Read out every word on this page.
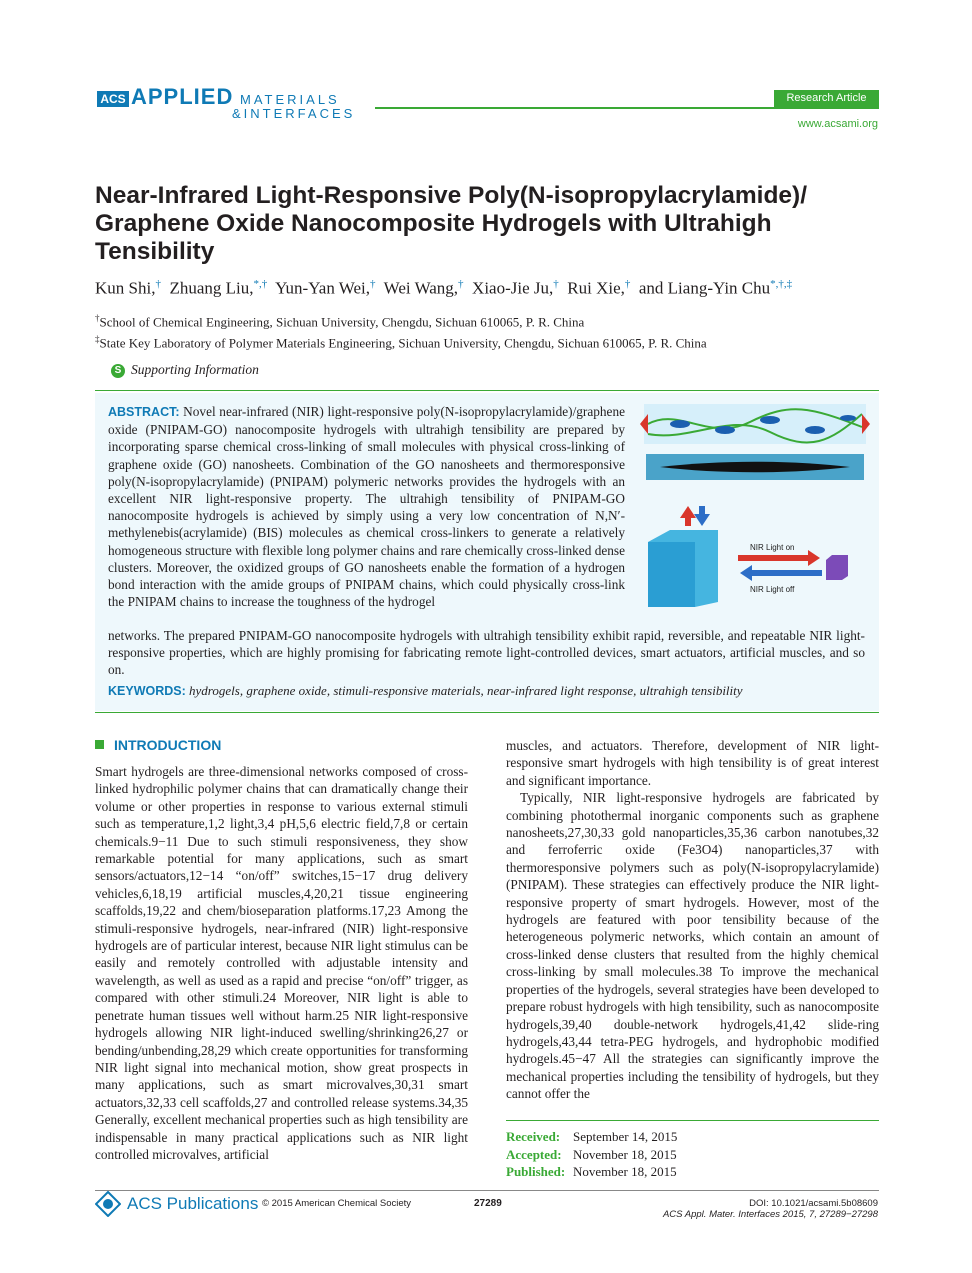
ACS APPLIED MATERIALS
&INTERFACES
Research Article
www.acsami.org
Near-Infrared Light-Responsive Poly(N-isopropylacrylamide)/ Graphene Oxide Nanocomposite Hydrogels with Ultrahigh Tensibility
Kun Shi,† Zhuang Liu,*,† Yun-Yan Wei,† Wei Wang,† Xiao-Jie Ju,† Rui Xie,† and Liang-Yin Chu*,†,‡
†School of Chemical Engineering, Sichuan University, Chengdu, Sichuan 610065, P. R. China
‡State Key Laboratory of Polymer Materials Engineering, Sichuan University, Chengdu, Sichuan 610065, P. R. China
S Supporting Information
ABSTRACT: Novel near-infrared (NIR) light-responsive poly(N-isopropylacrylamide)/graphene oxide (PNIPAM-GO) nanocomposite hydrogels with ultrahigh tensibility are prepared by incorporating sparse chemical cross-linking of small molecules with physical cross-linking of graphene oxide (GO) nanosheets. Combination of the GO nanosheets and thermoresponsive poly(N-isopropylacrylamide) (PNIPAM) polymeric networks provides the hydrogels with an excellent NIR light-responsive property. The ultrahigh tensibility of PNIPAM-GO nanocomposite hydrogels is achieved by simply using a very low concentration of N,N′-methylenebis(acrylamide) (BIS) molecules as chemical cross-linkers to generate a relatively homogeneous structure with flexible long polymer chains and rare chemically cross-linked dense clusters. Moreover, the oxidized groups of GO nanosheets enable the formation of a hydrogen bond interaction with the amide groups of PNIPAM chains, which could physically cross-link the PNIPAM chains to increase the toughness of the hydrogel
networks. The prepared PNIPAM-GO nanocomposite hydrogels with ultrahigh tensibility exhibit rapid, reversible, and repeatable NIR light-responsive properties, which are highly promising for fabricating remote light-controlled devices, smart actuators, artificial muscles, and so on.
KEYWORDS: hydrogels, graphene oxide, stimuli-responsive materials, near-infrared light response, ultrahigh tensibility
NIR Light on
NIR Light off
INTRODUCTION
Smart hydrogels are three-dimensional networks composed of cross-linked hydrophilic polymer chains that can dramatically change their volume or other properties in response to various external stimuli such as temperature,1,2 light,3,4 pH,5,6 electric field,7,8 or certain chemicals.9−11 Due to such stimuli responsiveness, they show remarkable potential for many applications, such as smart sensors/actuators,12−14 “on/off” switches,15−17 drug delivery vehicles,6,18,19 artificial muscles,4,20,21 tissue engineering scaffolds,19,22 and chem/bioseparation platforms.17,23 Among the stimuli-responsive hydrogels, near-infrared (NIR) light-responsive hydrogels are of particular interest, because NIR light stimulus can be easily and remotely controlled with adjustable intensity and wavelength, as well as used as a rapid and precise “on/off” trigger, as compared with other stimuli.24 Moreover, NIR light is able to penetrate human tissues well without harm.25 NIR light-responsive hydrogels allowing NIR light-induced swelling/shrinking26,27 or bending/unbending,28,29 which create opportunities for transforming NIR light signal into mechanical motion, show great prospects in many applications, such as smart microvalves,30,31 smart actuators,32,33 cell scaffolds,27 and controlled release systems.34,35 Generally, excellent mechanical properties such as high tensibility are indispensable in many practical applications such as NIR light controlled microvalves, artificial
muscles, and actuators. Therefore, development of NIR light-responsive smart hydrogels with high tensibility is of great interest and significant importance.
Typically, NIR light-responsive hydrogels are fabricated by combining photothermal inorganic components such as graphene nanosheets,27,30,33 gold nanoparticles,35,36 carbon nanotubes,32 and ferroferric oxide (Fe3O4) nanoparticles,37 with thermoresponsive polymers such as poly(N-isopropylacrylamide) (PNIPAM). These strategies can effectively produce the NIR light-responsive property of smart hydrogels. However, most of the hydrogels are featured with poor tensibility because of the heterogeneous polymeric networks, which contain an amount of cross-linked dense clusters that resulted from the highly chemical cross-linking by small molecules.38 To improve the mechanical properties of the hydrogels, several strategies have been developed to prepare robust hydrogels with high tensibility, such as nanocomposite hydrogels,39,40 double-network hydrogels,41,42 slide-ring hydrogels,43,44 tetra-PEG hydrogels, and hydrophobic modified hydrogels.45−47 All the strategies can significantly improve the mechanical properties including the tensibility of hydrogels, but they cannot offer the
Received: September 14, 2015
Accepted: November 18, 2015
Published: November 18, 2015
ACS Publications © 2015 American Chemical Society	27289	DOI: 10.1021/acsami.5b08609
ACS Appl. Mater. Interfaces 2015, 7, 27289−27298
